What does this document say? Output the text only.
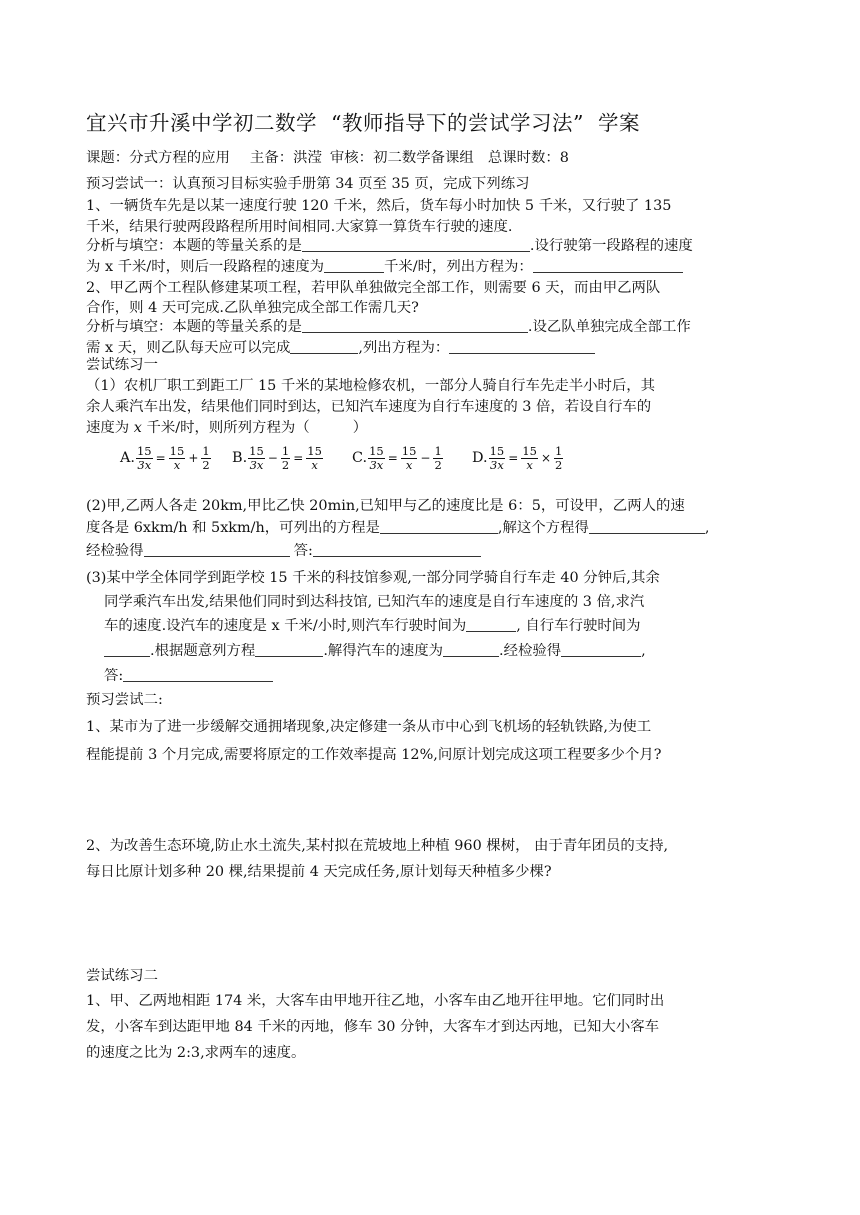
宜兴市升溪中学初二数学 “教师指导下的尝试学习法” 学案
课题：分式方程的应用 主备：洪滢 审核：初二数学备课组 总课时数：8
预习尝试一：认真预习目标实验手册第 34 页至 35 页，完成下列练习
1、一辆货车先是以某一速度行驶 120 千米，然后，货车每小时加快 5 千米，又行驶了 135
千米，结果行驶两段路程所用时间相同.大家算一算货车行驶的速度.
分析与填空：本题的等量关系的是	.设行驶第一段路程的速度
为 x 千米/时，则后一段路程的速度为	千米/时，列出方程为：
2、甲乙两个工程队修建某项工程，若甲队单独做完全部工作，则需要 6 天，而由甲乙两队
合作，则 4 天可完成.乙队单独完成全部工作需几天?
分析与填空：本题的等量关系的是	.设乙队单独完成全部工作
需 x 天，则乙队每天应可以完成	,列出方程为：
尝试练习一
（1）农机厂职工到距工厂 15 千米的某地检修农机，一部分人骑自行车先走半小时后，其
余人乘汽车出发，结果他们同时到达，已知汽车速度为自行车速度的 3 倍，若设自行车的
速度为 x 千米/时，则所列方程为（　　　）
A. $\frac{15}{3x} = \frac{15}{x} + \frac{1}{2} B$. $\frac{15}{3x} - \frac{1}{2} = \frac{15}{x} C$. $\frac{15}{3x} = \frac{15}{x} - \frac{1}{2} D$. $\frac{15}{3x} = \frac{15}{x} \times \frac{1}{2}$
(2)甲,乙两人各走 20km,甲比乙快 20min,已知甲与乙的速度比是 6：5，可设甲，乙两人的速
度各是 6xkm/h 和 5xkm/h，可列出的方程是	,解这个方程得	,
经检验得	答:
(3)某中学全体同学到距学校 15 千米的科技馆参观,一部分同学骑自行车走 40 分钟后,其余
同学乘汽车出发,结果他们同时到达科技馆, 已知汽车的速度是自行车速度的 3 倍,求汽
车的速度.设汽车的速度是 x 千米/小时,则汽车行驶时间为	, 自行车行驶时间为
.根据题意列方程	.解得汽车的速度为	.经检验得	,
答:
预习尝试二:
1、某市为了进一步缓解交通拥堵现象,决定修建一条从市中心到飞机场的轻轨铁路,为使工
程能提前 3 个月完成,需要将原定的工作效率提高 12%,问原计划完成这项工程要多少个月?
2、为改善生态环境,防止水土流失,某村拟在荒坡地上种植 960 棵树， 由于青年团员的支持,
每日比原计划多种 20 棵,结果提前 4 天完成任务,原计划每天种植多少棵?
尝试练习二
1、甲、乙两地相距 174 米，大客车由甲地开往乙地，小客车由乙地开往甲地。它们同时出
发，小客车到达距甲地 84 千米的丙地，修车 30 分钟，大客车才到达丙地，已知大小客车
的速度之比为 2:3,求两车的速度。
